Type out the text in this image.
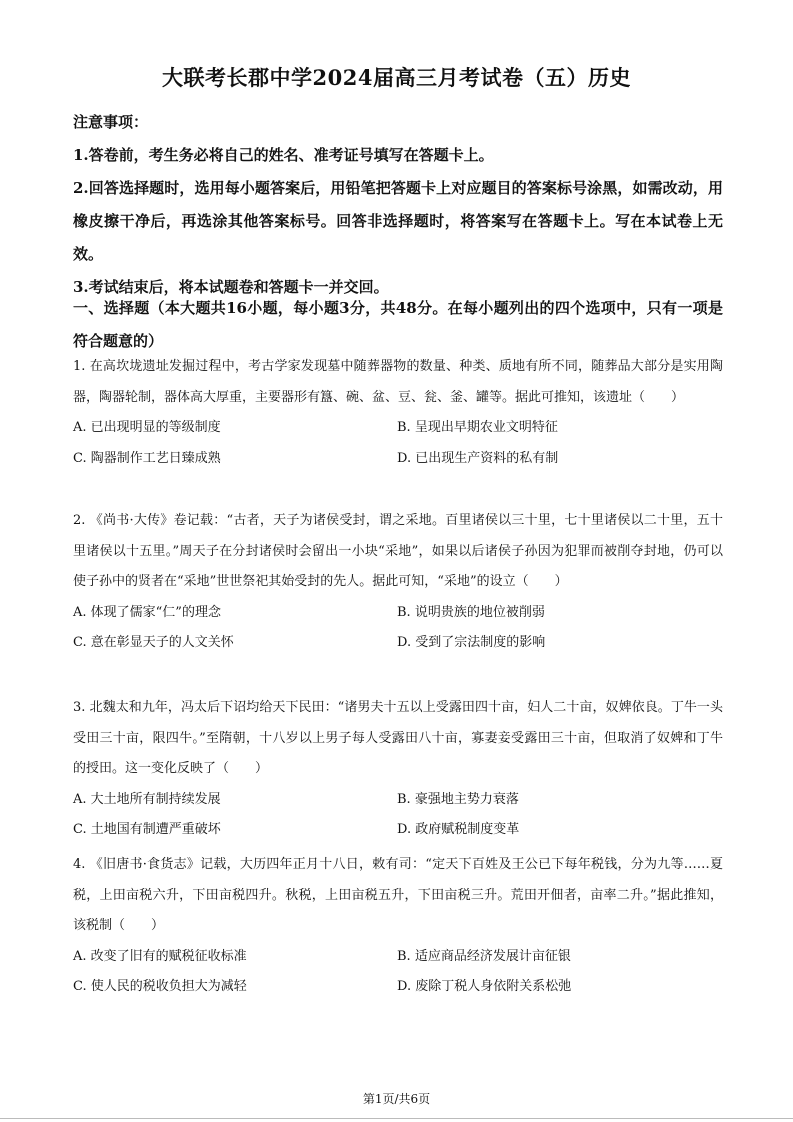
大联考长郡中学2024届高三月考试卷（五）历史

注意事项：

1.答卷前，考生务必将自己的姓名、准考证号填写在答题卡上。

2.回答选择题时，选用每小题答案后，用铅笔把答题卡上对应题目的答案标号涂黑，如需改动，用橡皮擦干净后，再选涂其他答案标号。回答非选择题时，将答案写在答题卡上。写在本试卷上无效。

3.考试结束后，将本试题卷和答题卡一并交回。

一、选择题（本大题共16小题，每小题3分，共48分。在每小题列出的四个选项中，只有一项是符合题意的）

1. 在高坎垅遗址发掘过程中，考古学家发现墓中随葬器物的数量、种类、质地有所不同，随葬品大部分是实用陶器，陶器轮制，器体高大厚重，主要器形有簋、碗、盆、豆、瓮、釜、罐等。据此可推知，该遗址（　　）

A. 已出现明显的等级制度	B. 呈现出早期农业文明特征
C. 陶器制作工艺日臻成熟	D. 已出现生产资料的私有制

2. 《尚书·大传》卷记载：“古者，天子为诸侯受封，谓之采地。百里诸侯以三十里，七十里诸侯以二十里，五十里诸侯以十五里。”周天子在分封诸侯时会留出一小块“采地”，如果以后诸侯子孙因为犯罪而被削夺封地，仍可以使子孙中的贤者在“采地”世世祭祀其始受封的先人。据此可知，“采地”的设立（　　）

A. 体现了儒家“仁”的理念	B. 说明贵族的地位被削弱
C. 意在彰显天子的人文关怀	D. 受到了宗法制度的影响

3. 北魏太和九年，冯太后下诏均给天下民田：“诸男夫十五以上受露田四十亩，妇人二十亩，奴婢依良。丁牛一头受田三十亩，限四牛。”至隋朝，十八岁以上男子每人受露田八十亩，寡妻妾受露田三十亩，但取消了奴婢和丁牛的授田。这一变化反映了（　　）

A. 大土地所有制持续发展	B. 豪强地主势力衰落
C. 土地国有制遭严重破坏	D. 政府赋税制度变革

4. 《旧唐书·食货志》记载，大历四年正月十八日，敕有司：“定天下百姓及王公已下每年税钱，分为九等……夏税，上田亩税六升，下田亩税四升。秋税，上田亩税五升，下田亩税三升。荒田开佃者，亩率二升。”据此推知，该税制（　　）

A. 改变了旧有的赋税征收标准	B. 适应商品经济发展计亩征银
C. 使人民的税收负担大为减轻	D. 废除丁税人身依附关系松弛
第1页/共6页
